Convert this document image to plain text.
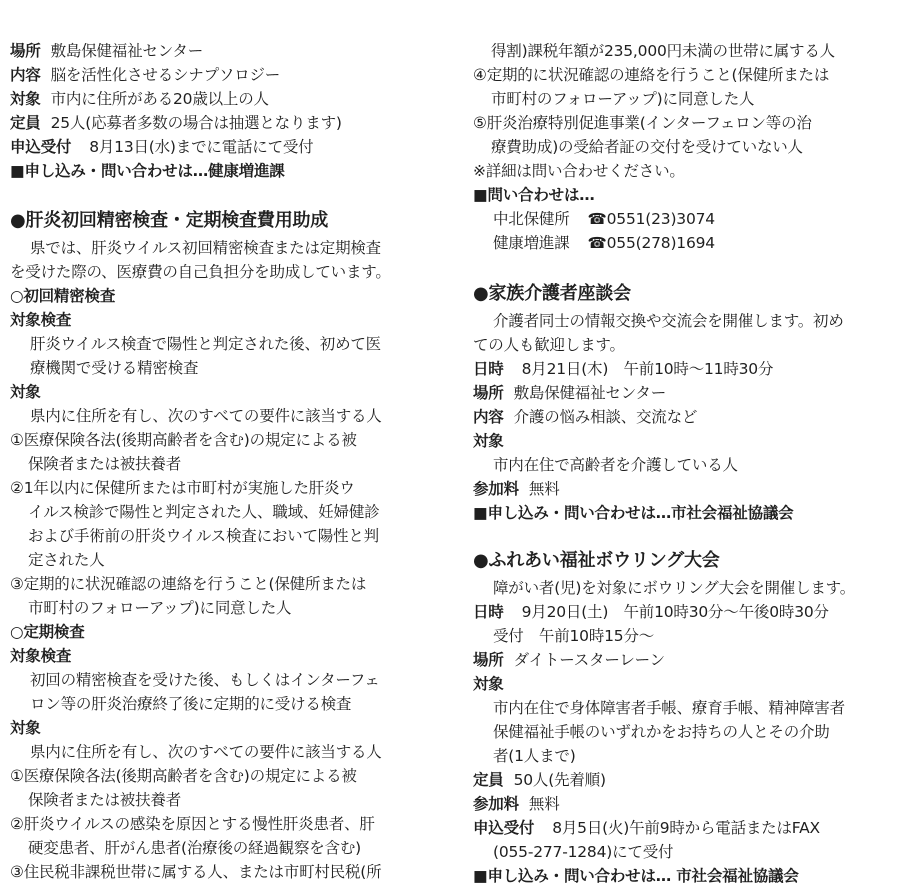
場所 敷島保健福祉センター
内容 脳を活性化させるシナプソロジー
対象 市内に住所がある20歳以上の人
定員 25人(応募者多数の場合は抽選となります)
申込受付 8月13日(水)までに電話にて受付
■申し込み・問い合わせは…健康増進課
●肝炎初回精密検査・定期検査費用助成
県では、肝炎ウイルス初回精密検査または定期検査
を受けた際の、医療費の自己負担分を助成しています。
○初回精密検査
対象検査
肝炎ウイルス検査で陽性と判定された後、初めて医
療機関で受ける精密検査
対象
県内に住所を有し、次のすべての要件に該当する人
①医療保険各法(後期高齢者を含む)の規定による被
保険者または被扶養者
②1年以内に保健所または市町村が実施した肝炎ウ
イルス検診で陽性と判定された人、職域、妊婦健診
および手術前の肝炎ウイルス検査において陽性と判
定された人
③定期的に状況確認の連絡を行うこと(保健所または
市町村のフォローアップ)に同意した人
○定期検査
対象検査
初回の精密検査を受けた後、もしくはインターフェ
ロン等の肝炎治療終了後に定期的に受ける検査
対象
県内に住所を有し、次のすべての要件に該当する人
①医療保険各法(後期高齢者を含む)の規定による被
保険者または被扶養者
②肝炎ウイルスの感染を原因とする慢性肝炎患者、肝
硬変患者、肝がん患者(治療後の経過観察を含む)
③住民税非課税世帯に属する人、または市町村民税(所
得割)課税年額が235,000円未満の世帯に属する人
④定期的に状況確認の連絡を行うこと(保健所または
市町村のフォローアップ)に同意した人
⑤肝炎治療特別促進事業(インターフェロン等の治
療費助成)の受給者証の交付を受けていない人
※詳細は問い合わせください。
■問い合わせは…
中北保健所 ☎0551(23)3074
健康増進課 ☎055(278)1694
●家族介護者座談会
介護者同士の情報交換や交流会を開催します。初め
ての人も歓迎します。
日時 8月21日(木)　午前10時～11時30分
場所 敷島保健福祉センター
内容 介護の悩み相談、交流など
対象
市内在住で高齢者を介護している人
参加料 無料
■申し込み・問い合わせは…市社会福祉協議会
●ふれあい福祉ボウリング大会
障がい者(児)を対象にボウリング大会を開催します。
日時 9月20日(土)　午前10時30分～午後0時30分
受付　午前10時15分～
場所 ダイトースターレーン
対象
市内在住で身体障害者手帳、療育手帳、精神障害者
保健福祉手帳のいずれかをお持ちの人とその介助
者(1人まで)
定員 50人(先着順)
参加料 無料
申込受付 8月5日(火)午前9時から電話またはFAX
(055-277-1284)にて受付
■申し込み・問い合わせは… 市社会福祉協議会
